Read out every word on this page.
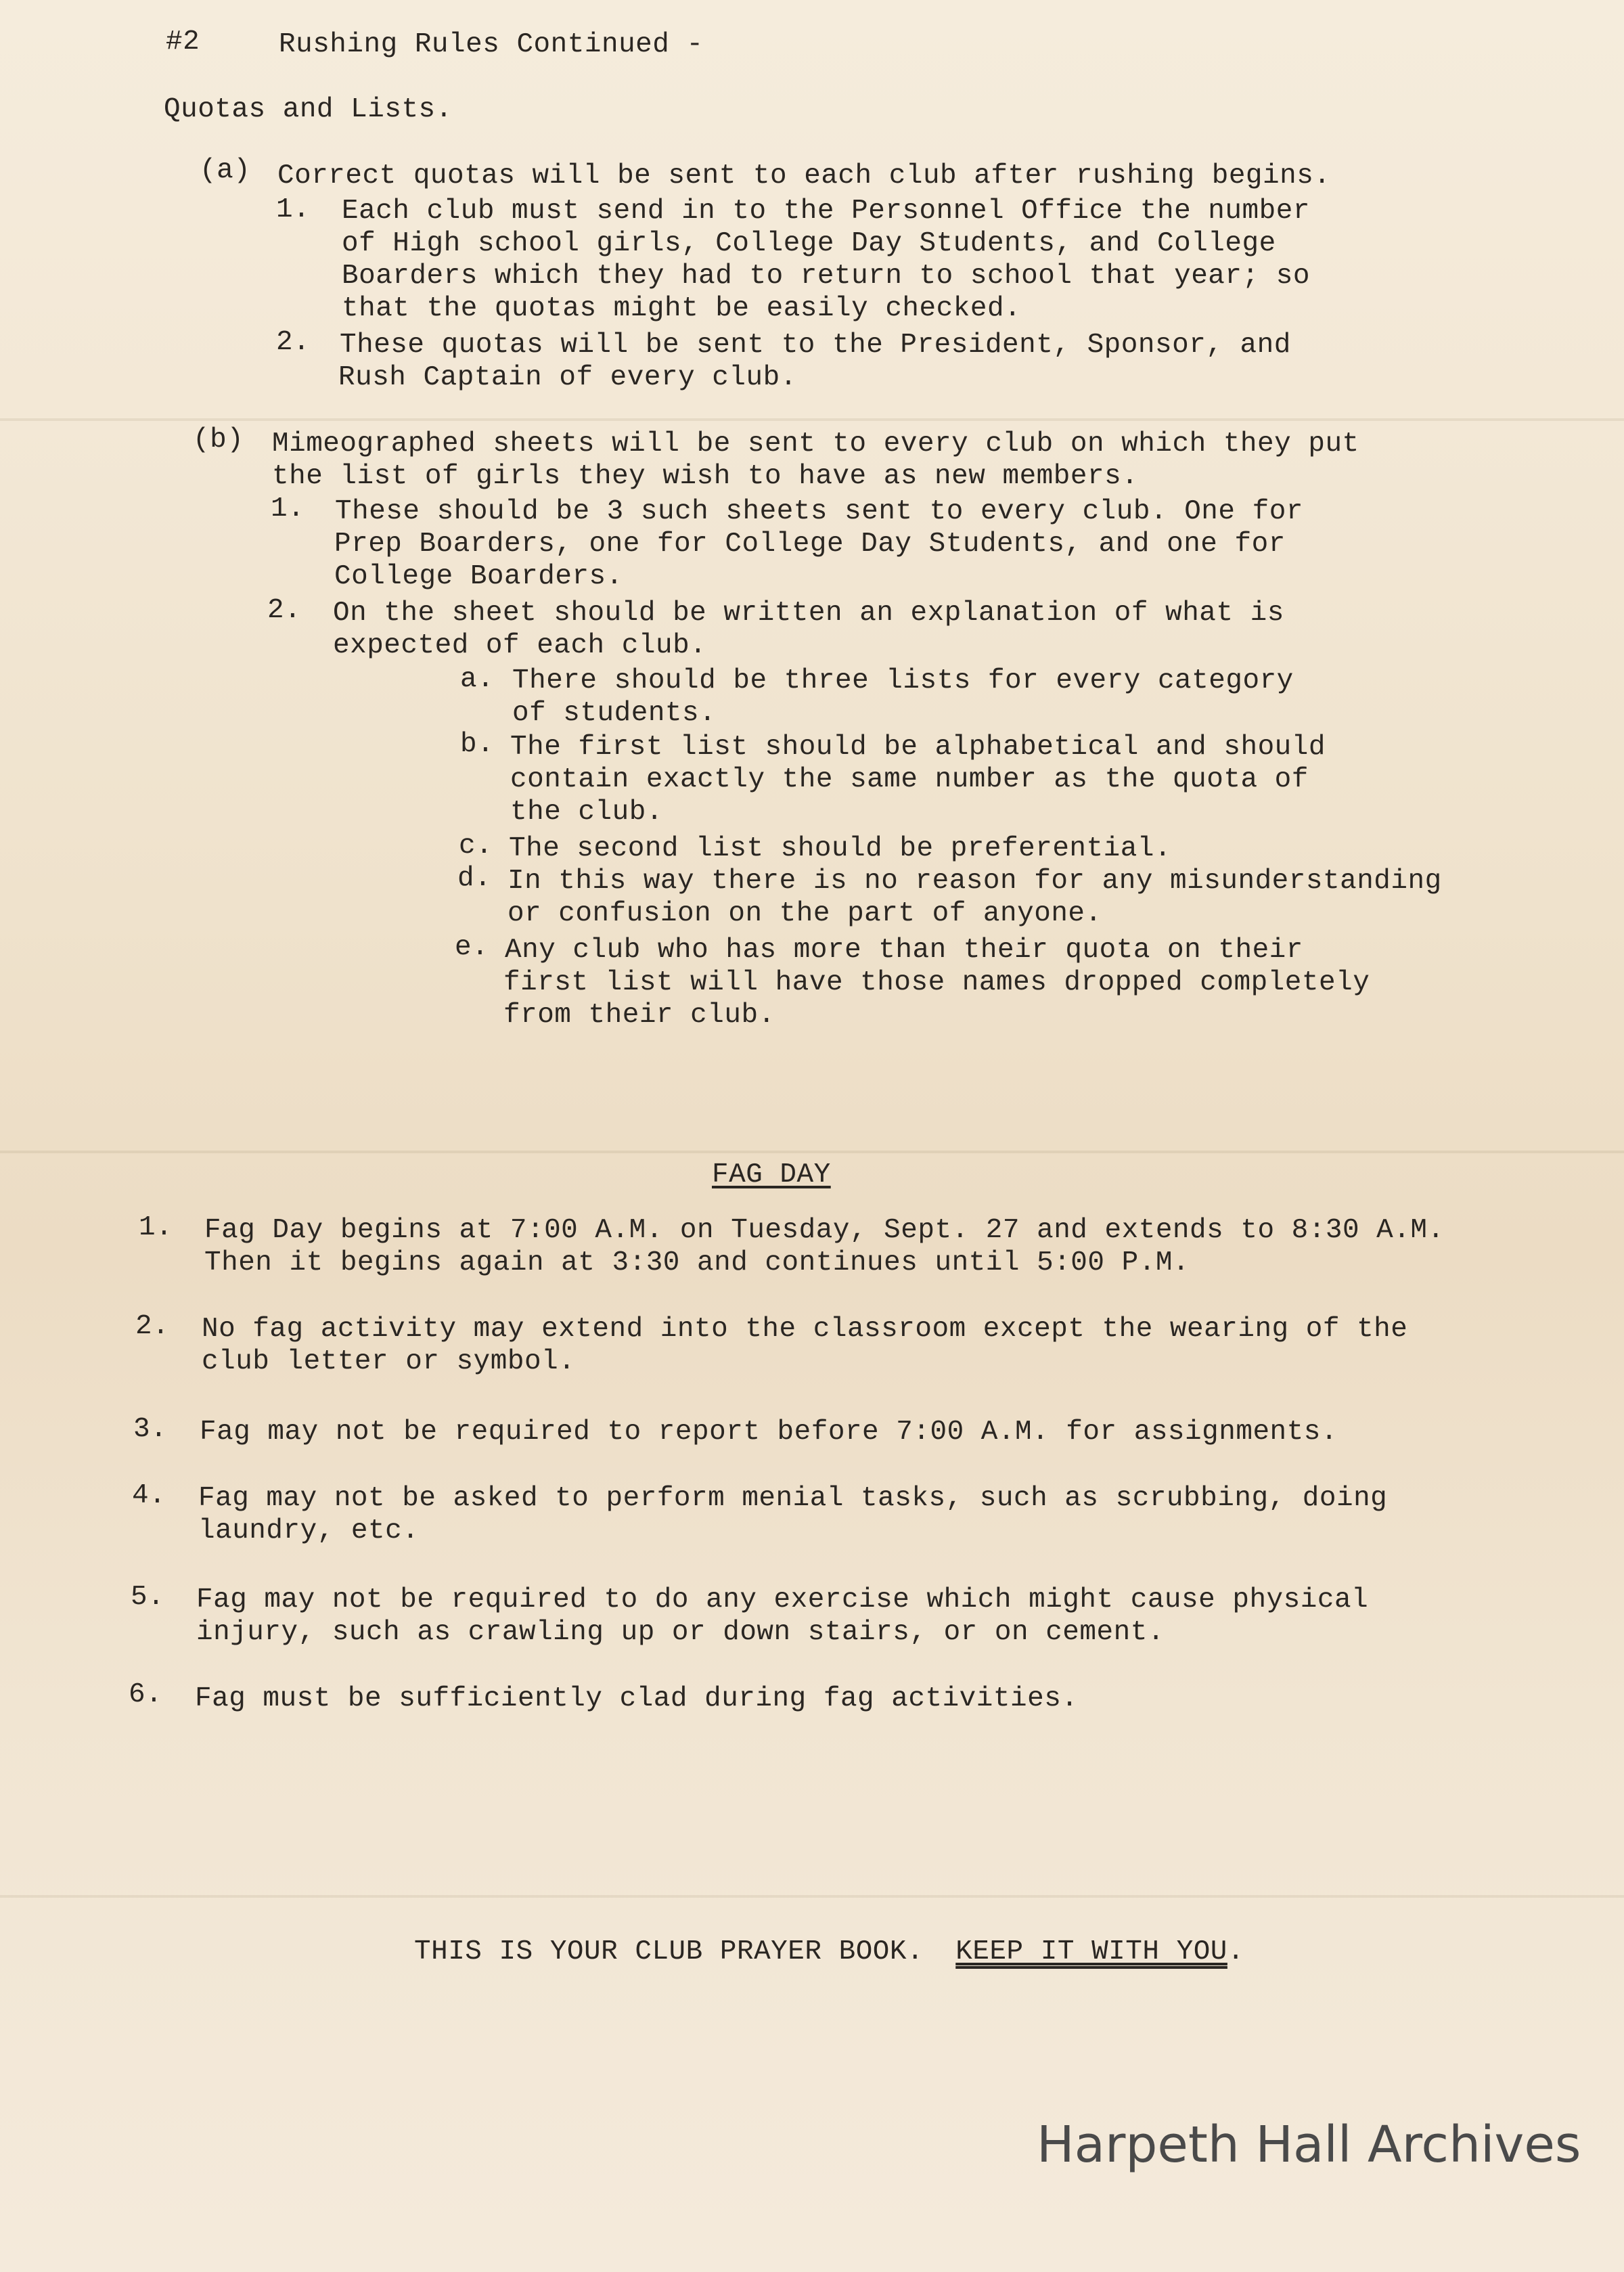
#2	Rushing Rules Continued -
Quotas and Lists.
(a) Correct quotas will be sent to each club after rushing begins.
1. Each club must send in to the Personnel Office the number
of High school girls, College Day Students, and College
Boarders which they had to return to school that year; so
that the quotas might be easily checked.
2. These quotas will be sent to the President, Sponsor, and
Rush Captain of every club.
(b) Mimeographed sheets will be sent to every club on which they put
the list of girls they wish to have as new members.
1. These should be 3 such sheets sent to every club. One for
Prep Boarders, one for College Day Students, and one for
College Boarders.
2. On the sheet should be written an explanation of what is
expected of each club.
a. There should be three lists for every category
of students.
b. The first list should be alphabetical and should
contain exactly the same number as the quota of
the club.
c. The second list should be preferential.
d. In this way there is no reason for any misunderstanding
or confusion on the part of anyone.
e. Any club who has more than their quota on their
first list will have those names dropped completely
from their club.
FAG DAY
1. Fag Day begins at 7:00 A.M. on Tuesday, Sept. 27 and extends to 8:30 A.M.
Then it begins again at 3:30 and continues until 5:00 P.M.
2. No fag activity may extend into the classroom except the wearing of the
club letter or symbol.
3. Fag may not be required to report before 7:00 A.M. for assignments.
4. Fag may not be asked to perform menial tasks, such as scrubbing, doing
laundry, etc.
5. Fag may not be required to do any exercise which might cause physical
injury, such as crawling up or down stairs, or on cement.
6. Fag must be sufficiently clad during fag activities.
THIS IS YOUR CLUB PRAYER BOOK. KEEP IT WITH YOU.
Harpeth Hall Archives
